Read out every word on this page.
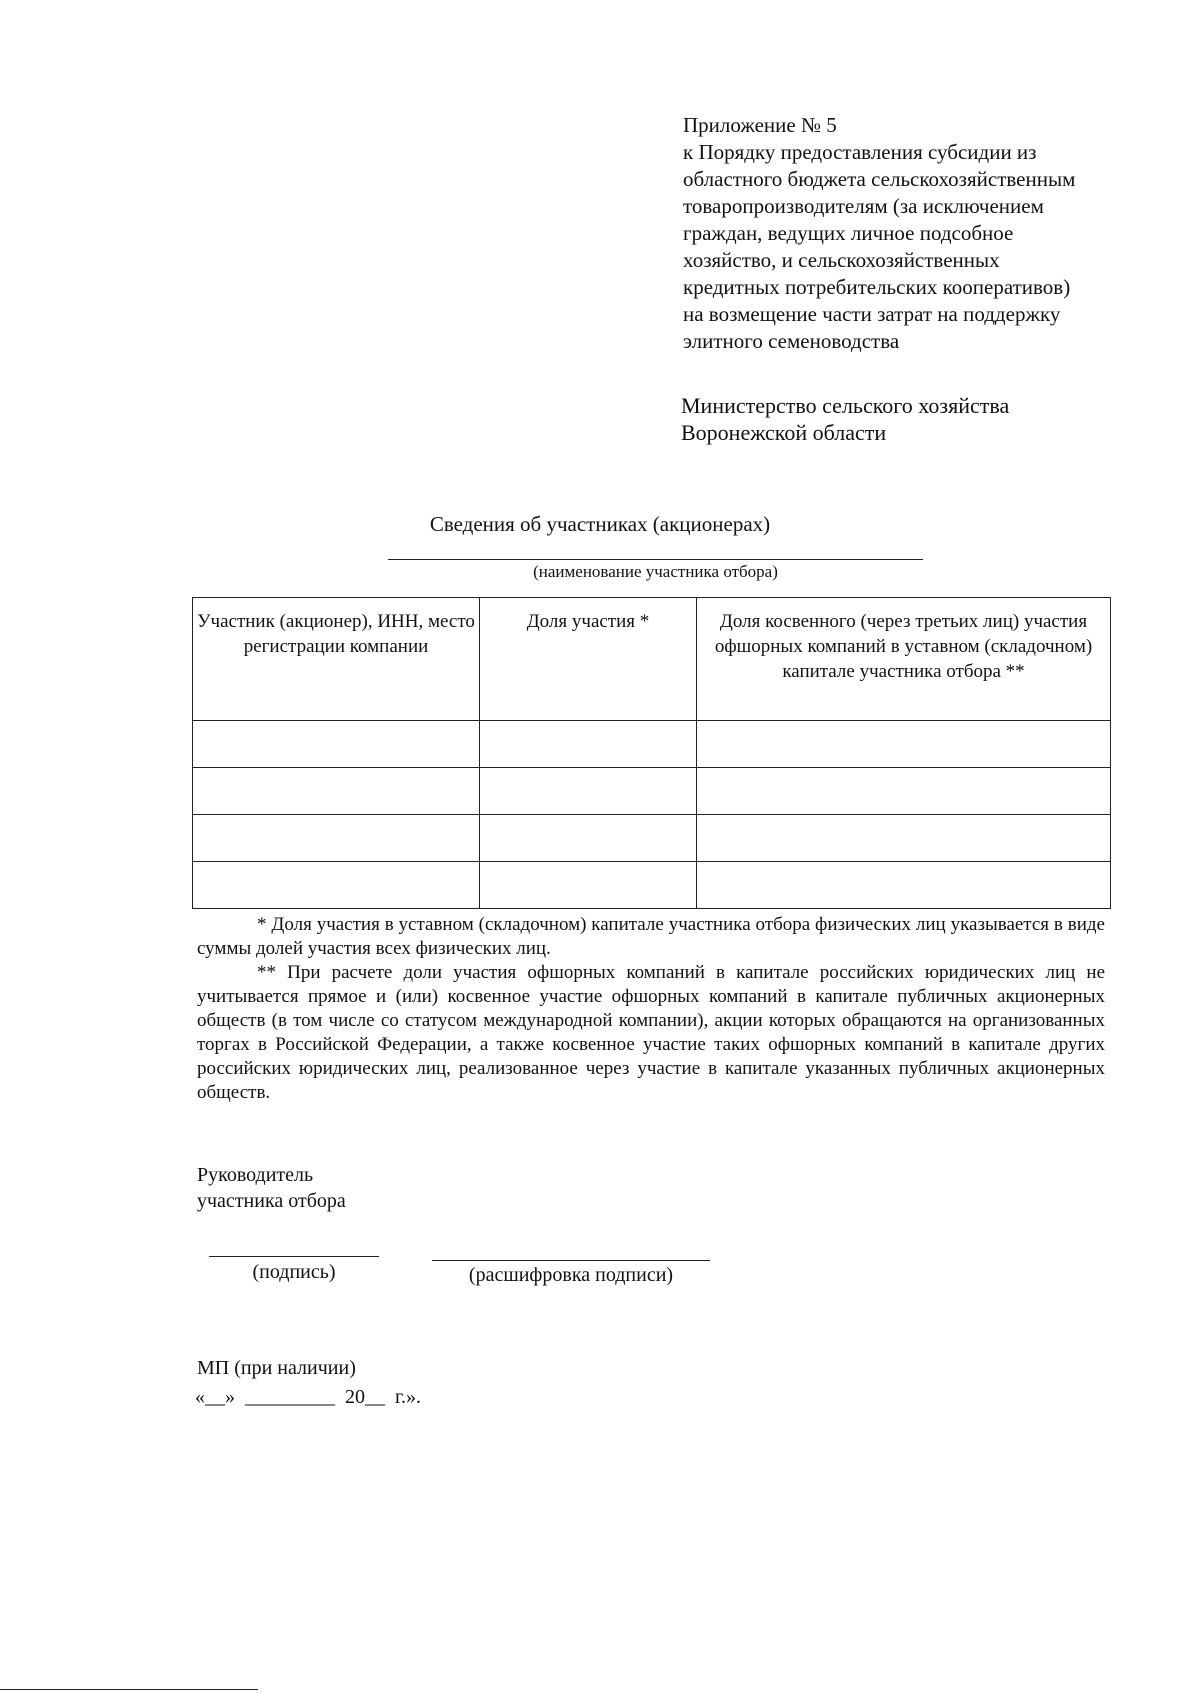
Приложение № 5
к Порядку предоставления субсидии из
областного бюджета сельскохозяйственным
товаропроизводителям (за исключением
граждан, ведущих личное подсобное
хозяйство, и сельскохозяйственных
кредитных потребительских кооперативов)
на возмещение части затрат на поддержку
элитного семеноводства
Министерство сельского хозяйства
Воронежской области
Сведения об участниках (акционерах)
(наименование участника отбора)
Участник (акционер), ИНН, место регистрации компании	Доля участия *	Доля косвенного (через третьих лиц) участия офшорных компаний в уставном (складочном) капитале участника отбора **

* Доля участия в уставном (складочном) капитале участника отбора физических лиц указывается в виде суммы долей участия всех физических лиц.

** При расчете доли участия офшорных компаний в капитале российских юридических лиц не учитывается прямое и (или) косвенное участие офшорных компаний в капитале публичных акционерных обществ (в том числе со статусом международной компании), акции которых обращаются на организованных торгах в Российской Федерации, а также косвенное участие таких офшорных компаний в капитале других российских юридических лиц, реализованное через участие в капитале указанных публичных акционерных обществ.

Руководитель
участника отбора
(подпись)	(расшифровка подписи)
МП (при наличии)
«__»  _________  20__  г.».
